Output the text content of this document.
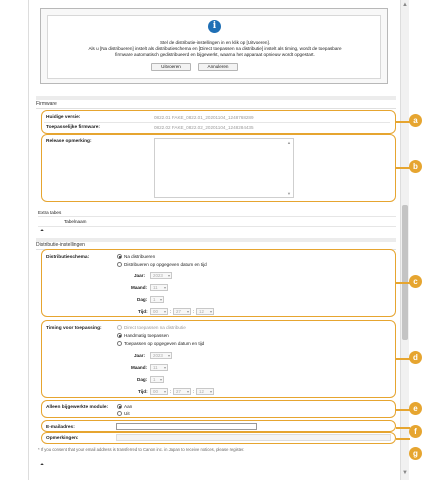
▲
▼
i
Stel de distributie-instellingen in en klik op [Uitvoeren].
Als u [Na distribueren] instelt als distributieschema en [Direct toepassen na distributie] instelt als timing, wordt de toepasbare
firmware automatisch gedistribueerd en bijgewerkt, waarna het apparaat opnieuw wordt opgestart.
Uitvoeren	Annuleren
Firmware
Huidige versie:	0822.01 FAKE_0822.01_20201104_1248768289
Toepasselijke firmware:	0822.02 FAKE_0822.02_20201104_1248284435
a
Release opmerking:	▲
▼
b
Extra tabes
Tabelnaam
⏶
Distributie-instellingen
Distributieschema:	Na distribueren
Distribueren op opgegeven datum en tijd
Jaar:	2023 ▾
Maand:	11 ▾
Dag:	1 ▾
Tijd:	00 ▾	:	27 ▾	:	12 ▾
c
Timing voor toepassing:	Direct toepassen na distributie
Handmatig toepassen
Toepassen op opgegeven datum en tijd
Jaar:	2023 ▾
Maand:	11 ▾
Dag:	1 ▾
Tijd:	00 ▾	:	27 ▾	:	12 ▾
d
Alleen bijgewerkte module:	Aan
Uit
e
E-mailadres:	f
Opmerkingen:
g
* If you consent that your email address is transferred to Canon inc. in Japan to receive notices, please register.
⏶
